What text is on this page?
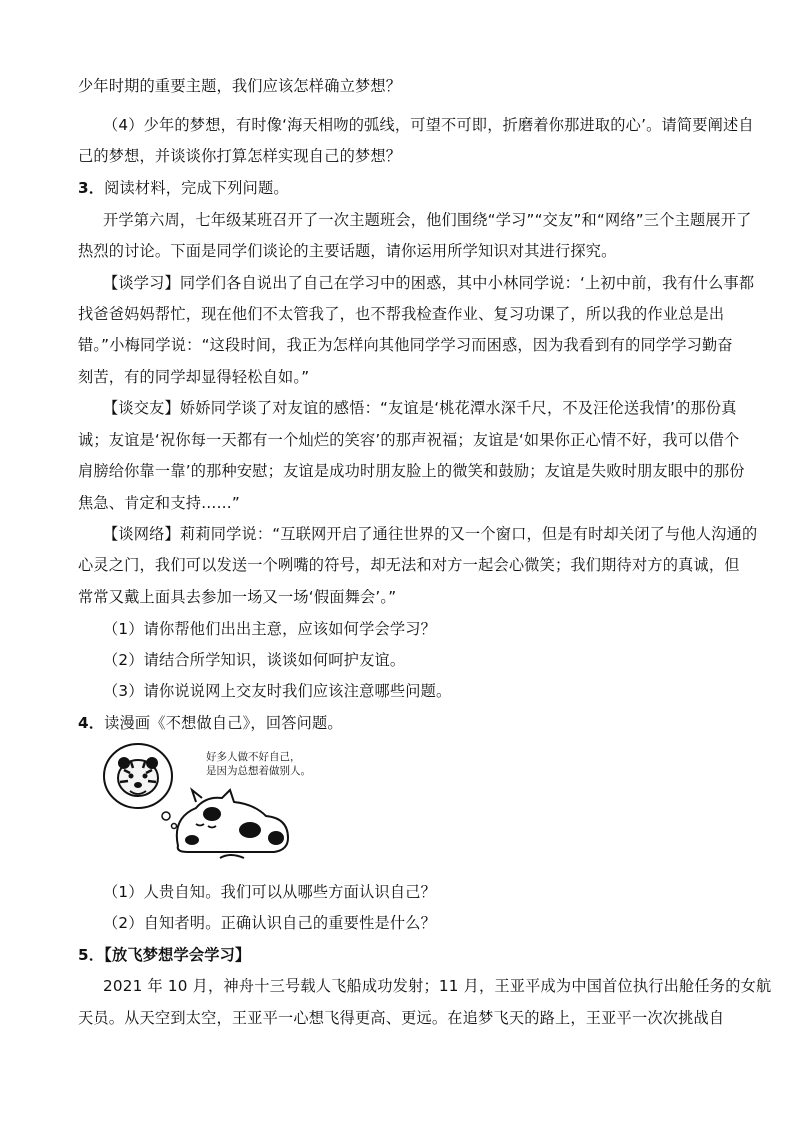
少年时期的重要主题，我们应该怎样确立梦想？
（4）少年的梦想，有时像‘海天相吻的弧线，可望不可即，折磨着你那进取的心’。请简要阐述自
己的梦想，并谈谈你打算怎样实现自己的梦想？
3．阅读材料，完成下列问题。
开学第六周，七年级某班召开了一次主题班会，他们围绕“学习”“交友”和“网络”三个主题展开了
热烈的讨论。下面是同学们谈论的主要话题，请你运用所学知识对其进行探究。
【谈学习】同学们各自说出了自己在学习中的困惑，其中小林同学说：‘上初中前，我有什么事都
找爸爸妈妈帮忙，现在他们不太管我了，也不帮我检查作业、复习功课了，所以我的作业总是出
错。”小梅同学说：“这段时间，我正为怎样向其他同学学习而困惑，因为我看到有的同学学习勤奋
刻苦，有的同学却显得轻松自如。”
【谈交友】娇娇同学谈了对友谊的感悟：“友谊是‘桃花潭水深千尺，不及汪伦送我情’的那份真
诚；友谊是‘祝你每一天都有一个灿烂的笑容’的那声祝福；友谊是‘如果你正心情不好，我可以借个
肩膀给你靠一靠’的那种安慰；友谊是成功时朋友脸上的微笑和鼓励；友谊是失败时朋友眼中的那份
焦急、肯定和支持……”
【谈网络】莉莉同学说：“互联网开启了通往世界的又一个窗口，但是有时却关闭了与他人沟通的
心灵之门，我们可以发送一个咧嘴的符号，却无法和对方一起会心微笑；我们期待对方的真诚，但
常常又戴上面具去参加一场又一场‘假面舞会’。”
（1）请你帮他们出出主意，应该如何学会学习？
（2）请结合所学知识，谈谈如何呵护友谊。
（3）请你说说网上交友时我们应该注意哪些问题。
4．读漫画《不想做自己》，回答问题。
好多人做不好自己，
是因为总想着做别人。
（1）人贵自知。我们可以从哪些方面认识自己？
（2）自知者明。正确认识自己的重要性是什么？
5．【放飞梦想学会学习】
2021 年 10 月，神舟十三号载人飞船成功发射；11 月，王亚平成为中国首位执行出舱任务的女航
天员。从天空到太空，王亚平一心想飞得更高、更远。在追梦飞天的路上，王亚平一次次挑战自
